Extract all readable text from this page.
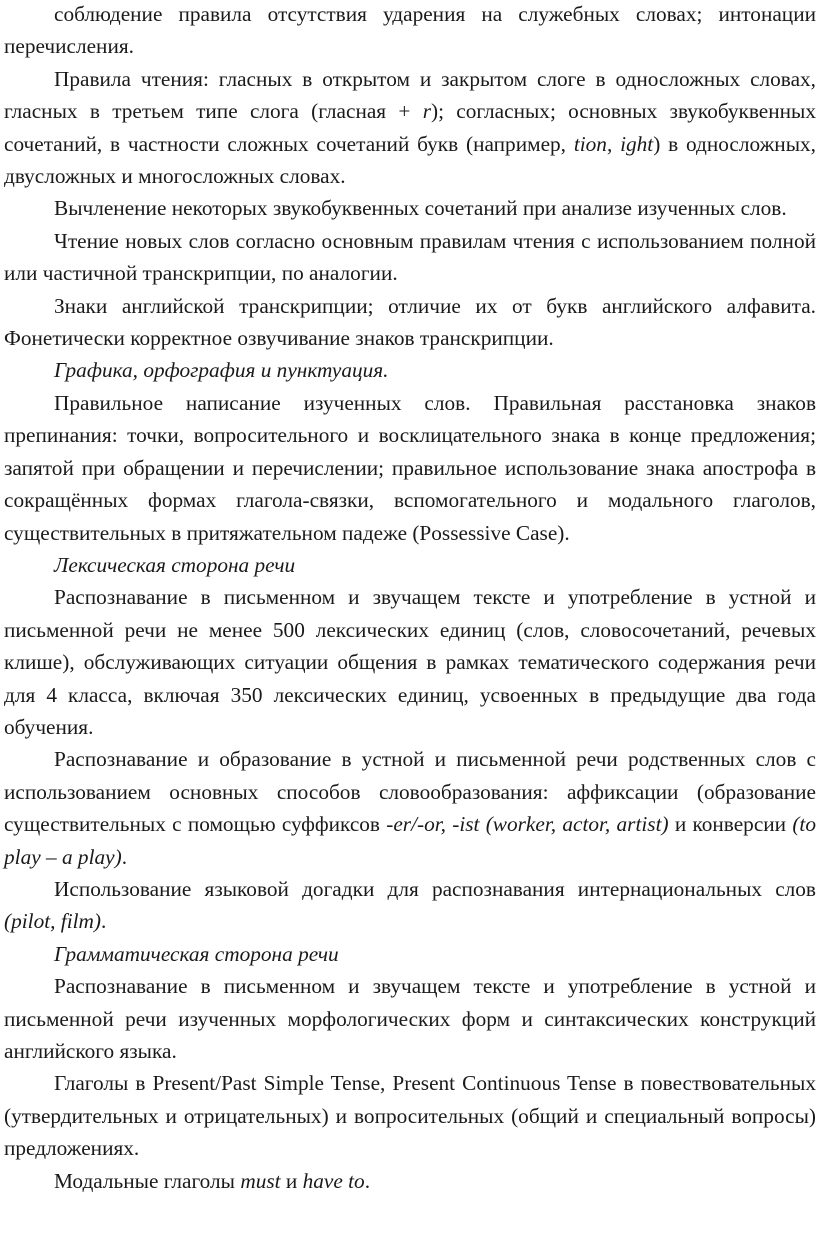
соблюдение правила отсутствия ударения на служебных словах; интонации перечисления.

Правила чтения: гласных в открытом и закрытом слоге в односложных словах, гласных в третьем типе слога (гласная + r); согласных; основных звукобуквенных сочетаний, в частности сложных сочетаний букв (например, tion, ight) в односложных, двусложных и многосложных словах.

Вычленение некоторых звукобуквенных сочетаний при анализе изученных слов.

Чтение новых слов согласно основным правилам чтения с использованием полной или частичной транскрипции, по аналогии.

Знаки английской транскрипции; отличие их от букв английского алфавита. Фонетически корректное озвучивание знаков транскрипции.

Графика, орфография и пунктуация.

Правильное написание изученных слов. Правильная расстановка знаков препинания: точки, вопросительного и восклицательного знака в конце предложения; запятой при обращении и перечислении; правильное использование знака апострофа в сокращённых формах глагола-связки, вспомогательного и модального глаголов, существительных в притяжательном падеже (Possessive Case).

Лексическая сторона речи

Распознавание в письменном и звучащем тексте и употребление в устной и письменной речи не менее 500 лексических единиц (слов, словосочетаний, речевых клише), обслуживающих ситуации общения в рамках тематического содержания речи для 4 класса, включая 350 лексических единиц, усвоенных в предыдущие два года обучения.

Распознавание и образование в устной и письменной речи родственных слов с использованием основных способов словообразования: аффиксации (образование существительных с помощью суффиксов -er/-or, -ist (worker, actor, artist) и конверсии (to play – a play).

Использование языковой догадки для распознавания интернациональных слов (pilot, film).

Грамматическая сторона речи

Распознавание в письменном и звучащем тексте и употребление в устной и письменной речи изученных морфологических форм и синтаксических конструкций английского языка.

Глаголы в Present/Past Simple Tense, Present Continuous Tense в повествовательных (утвердительных и отрицательных) и вопросительных (общий и специальный вопросы) предложениях.

Модальные глаголы must и have to.
